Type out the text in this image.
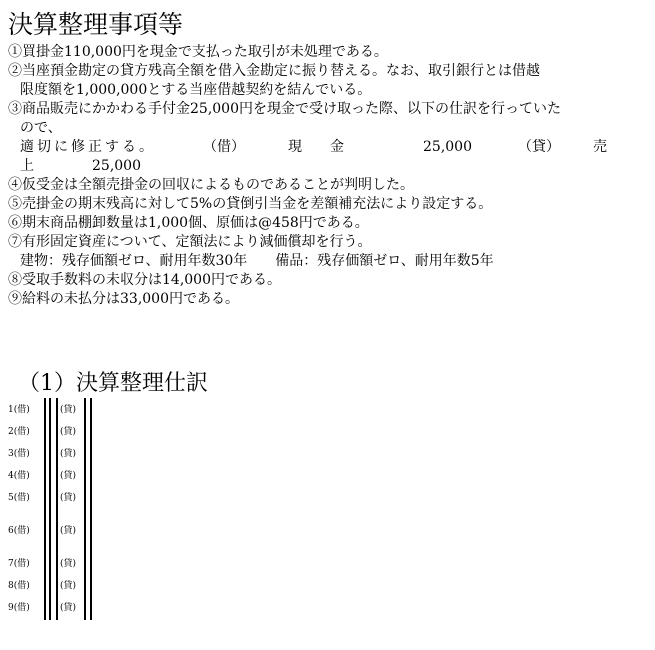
決算整理事項等
①買掛金110,000円を現金で支払った取引が未処理である。
②当座預金勘定の貸方残高全額を借入金勘定に振り替える。なお、取引銀行とは借越
限度額を1,000,000とする当座借越契約を結んでいる。
③商品販売にかかわる手付金25,000円を現金で受け取った際、以下の仕訳を行っていた
ので、
適切に修正する。	（借）	現　　金	25,000	（貸） 売
上	25,000
④仮受金は全額売掛金の回収によるものであることが判明した。
⑤売掛金の期末残高に対して5%の貸倒引当金を差額補充法により設定する。
⑥期末商品棚卸数量は1,000個、原価は@458円である。
⑦有形固定資産について、定額法により減価償却を行う。
建物：残存価額ゼロ、耐用年数30年　　備品：残存価額ゼロ、耐用年数5年
⑧受取手数料の未収分は14,000円である。
⑨給料の未払分は33,000円である。
（1）決算整理仕訳
1(借)	(貸)
2(借)	(貸)
3(借)	(貸)
4(借)	(貸)
5(借)	(貸)
6(借)	(貸)
7(借)	(貸)
8(借)	(貸)
9(借)	(貸)
